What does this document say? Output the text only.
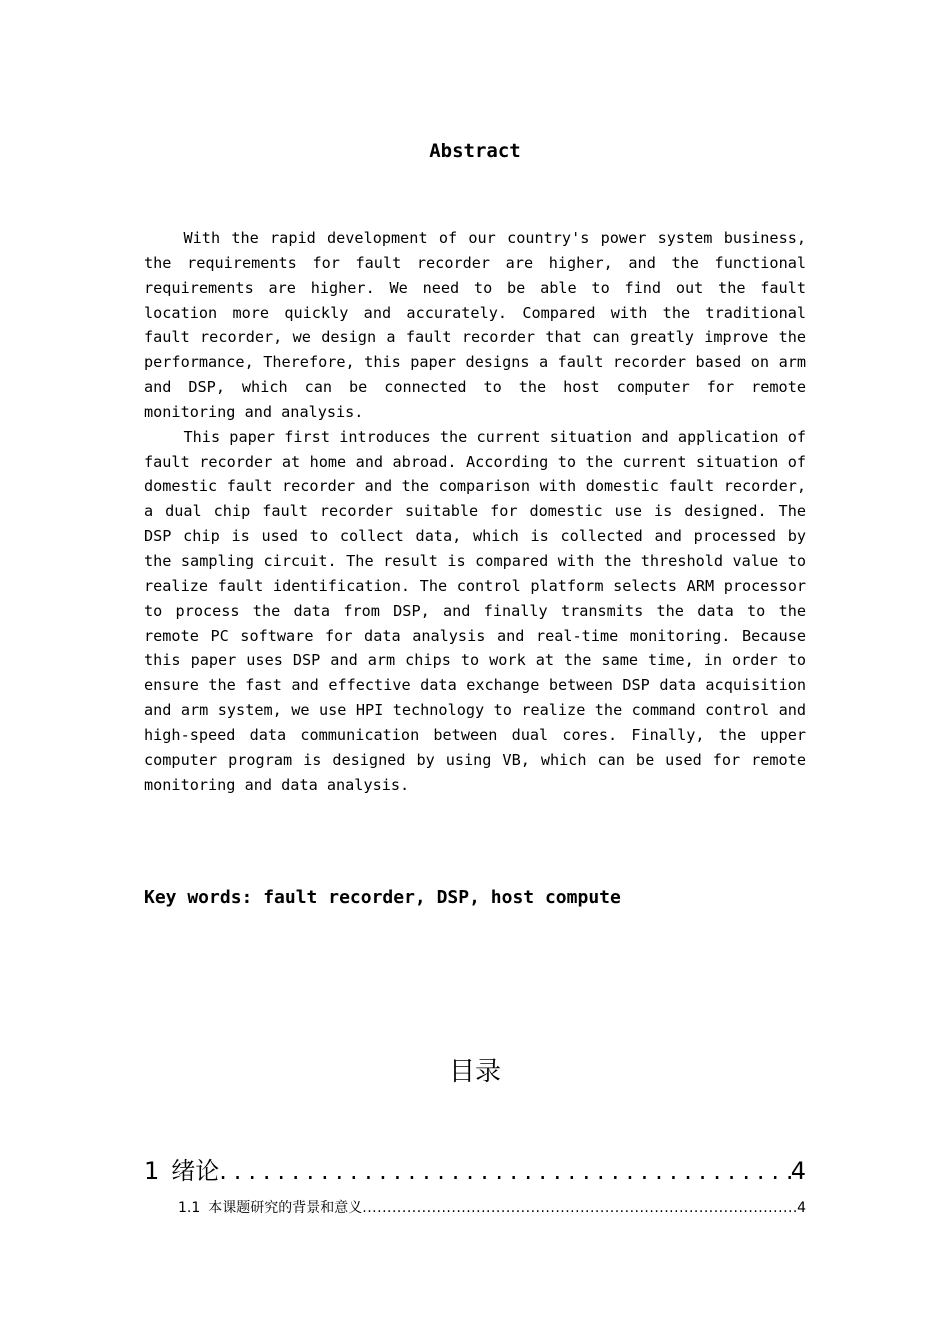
Abstract

With the rapid development of our country's power system business, the requirements for fault recorder are higher, and the functional requirements are higher. We need to be able to find out the fault location more quickly and accurately. Compared with the traditional fault recorder, we design a fault recorder that can greatly improve the performance, Therefore, this paper designs a fault recorder based on arm and DSP, which can be connected to the host computer for remote monitoring and analysis.

This paper first introduces the current situation and application of fault recorder at home and abroad. According to the current situation of domestic fault recorder and the comparison with domestic fault recorder, a dual chip fault recorder suitable for domestic use is designed. The DSP chip is used to collect data, which is collected and processed by the sampling circuit. The result is compared with the threshold value to realize fault identification. The control platform selects ARM processor to process the data from DSP, and finally transmits the data to the remote PC software for data analysis and real-time monitoring. Because this paper uses DSP and arm chips to work at the same time, in order to ensure the fast and effective data exchange between DSP data acquisition and arm system, we use HPI technology to realize the command control and high-speed data communication between dual cores. Finally, the upper computer program is designed by using VB, which can be used for remote monitoring and data analysis.

Key words: fault recorder, DSP, host compute
目录
1 绪论 .....	4
1.1 本课题研究的背景和意义 .....	4
